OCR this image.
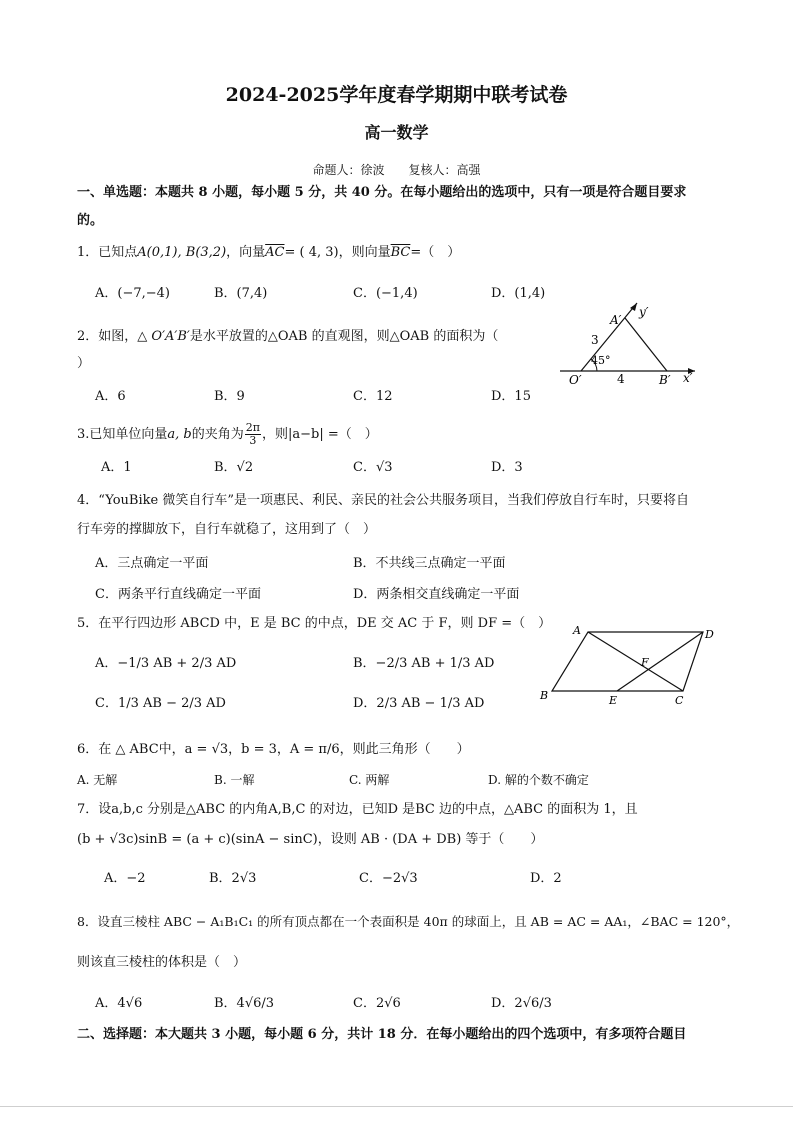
2024-2025学年度春学期期中联考试卷
高一数学
命题人：徐波　　复核人：高强
一、单选题：本题共 8 小题，每小题 5 分，共 40 分。在每小题给出的选项中，只有一项是符合题目要求
的。
1．已知点A(0,1), B(3,2)，向量$\overline{AC}=$ ( 4, 3)，则向量$\overline{BC}=$（　）
A．(−7,−4)	B．(7,4)	C．(−1,4)	D．(1,4)
2．如图，△ O′A′B′是水平放置的△OAB 的直观图，则△OAB 的面积为（
）
A．6	B．9	C．12	D．15
A′
y′
3
45°
O′	4	B′ x′
3.已知单位向量a, b的夹角为 $\frac{2\pi}{3}$ ，则|a−b| =（　）
A．1	B．√2	C．√3	D．3
4．“YouBike 微笑自行车”是一项惠民、利民、亲民的社会公共服务项目，当我们停放自行车时，只要将自
行车旁的撑脚放下，自行车就稳了，这用到了（　）
A．三点确定一平面	B．不共线三点确定一平面
C．两条平行直线确定一平面	D．两条相交直线确定一平面
5．在平行四边形 ABCD 中，E 是 BC 的中点，DE 交 AC 于 F，则 DF =（　）
A．−1/3 AB + 2/3 AD	B．−2/3 AB + 1/3 AD
C．1/3 AB − 2/3 AD	D．2/3 AB − 1/3 AD
A	D
F
B	E	C
6．在 △ ABC中，a = √3，b = 3，A = π/6，则此三角形（　　）
A. 无解	B. 一解	C. 两解	D. 解的个数不确定
7．设a,b,c 分别是△ABC 的内角A,B,C 的对边，已知D 是BC 边的中点，△ABC 的面积为 1，且
(b + √3c)sinB = (a + c)(sinA − sinC)，设则 AB · (DA + DB) 等于（　　）
A．−2	B．2√3	C．−2√3	D．2
8．设直三棱柱 ABC − A₁B₁C₁ 的所有顶点都在一个表面积是 40π 的球面上，且 AB = AC = AA₁，∠BAC = 120°，
则该直三棱柱的体积是（　）
A．4√6	B．4√6/3	C．2√6	D．2√6/3
二、选择题：本大题共 3 小题，每小题 6 分，共计 18 分．在每小题给出的四个选项中，有多项符合题目
